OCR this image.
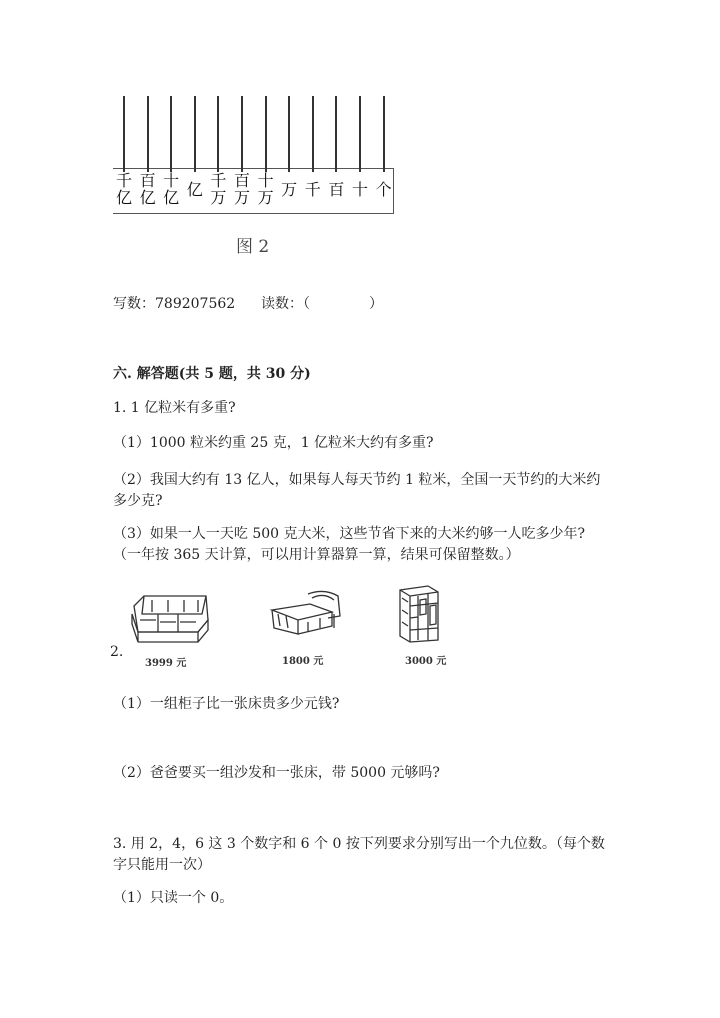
千
亿
百
亿
十
亿 亿 千
万
百
万
十
万 万 千 百 十 个
图 2
写数：789207562 读数：（	）
六. 解答题(共 5 题，共 30 分)
1. 1 亿粒米有多重?
（1）1000 粒米约重 25 克，1 亿粒米大约有多重?
（2）我国大约有 13 亿人，如果每人每天节约 1 粒米，全国一天节约的大米约
多少克?
（3）如果一人一天吃 500 克大米，这些节省下来的大米约够一人吃多少年?
（一年按 365 天计算，可以用计算器算一算，结果可保留整数。）
2.
3999 元	1800 元	3000 元
（1）一组柜子比一张床贵多少元钱?
（2）爸爸要买一组沙发和一张床，带 5000 元够吗?
3. 用 2，4，6 这 3 个数字和 6 个 0 按下列要求分别写出一个九位数。（每个数
字只能用一次）
（1）只读一个 0。
